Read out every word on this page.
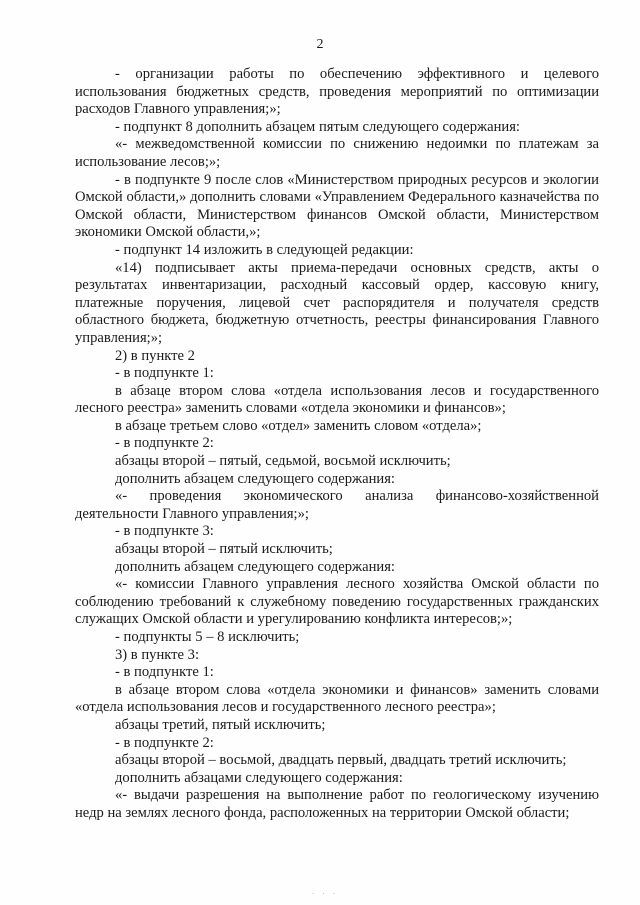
2

- организации работы по обеспечению эффективного и целевого использования бюджетных средств, проведения мероприятий по оптимизации расходов Главного управления;»;

- подпункт 8 дополнить абзацем пятым следующего содержания:

«- межведомственной комиссии по снижению недоимки по платежам за использование лесов;»;

- в подпункте 9 после слов «Министерством природных ресурсов и экологии Омской области,» дополнить словами «Управлением Федерального казначейства по Омской области, Министерством финансов Омской области, Министерством экономики Омской области,»;

- подпункт 14 изложить в следующей редакции:

«14) подписывает акты приема-передачи основных средств, акты о результатах инвентаризации, расходный кассовый ордер, кассовую книгу, платежные поручения, лицевой счет распорядителя и получателя средств областного бюджета, бюджетную отчетность, реестры финансирования Главного управления;»;

2) в пункте 2

- в подпункте 1:

в абзаце втором слова «отдела использования лесов и государственного лесного реестра» заменить словами «отдела экономики и финансов»;

в абзаце третьем слово «отдел» заменить словом «отдела»;

- в подпункте 2:

абзацы второй – пятый, седьмой, восьмой исключить;

дополнить абзацем следующего содержания:

«- проведения экономического анализа финансово-хозяйственной деятельности Главного управления;»;

- в подпункте 3:

абзацы второй – пятый исключить;

дополнить абзацем следующего содержания:

«- комиссии Главного управления лесного хозяйства Омской области по соблюдению требований к служебному поведению государственных гражданских служащих Омской области и урегулированию конфликта интересов;»;

- подпункты 5 – 8 исключить;

3) в пункте 3:

- в подпункте 1:

в абзаце втором слова «отдела экономики и финансов» заменить словами «отдела использования лесов и государственного лесного реестра»;

абзацы третий, пятый исключить;

- в подпункте 2:

абзацы второй – восьмой, двадцать первый, двадцать третий исключить;

дополнить абзацами следующего содержания:

«- выдачи разрешения на выполнение работ по геологическому изучению недр на землях лесного фонда, расположенных на территории Омской области;

. . .
